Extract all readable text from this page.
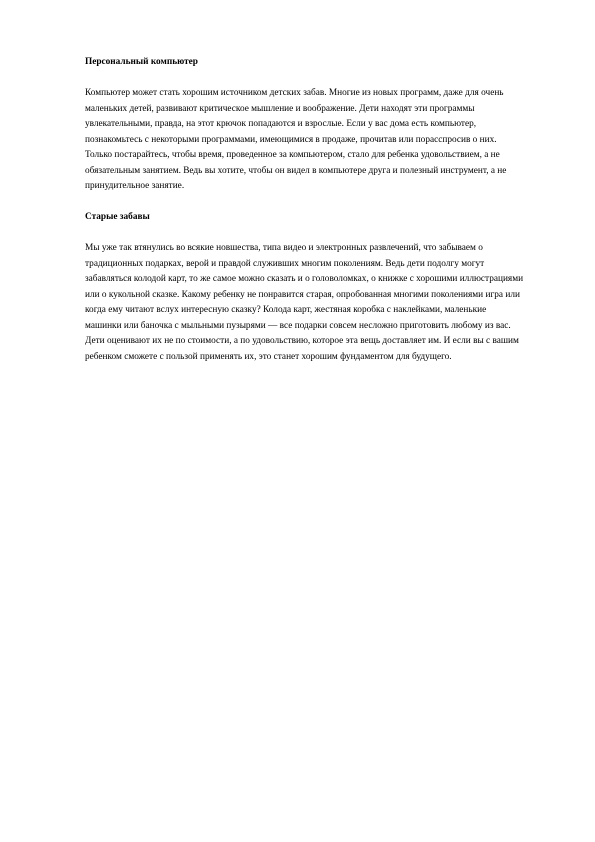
Персональный компьютер

Компьютер может стать хорошим источником детских забав. Многие из новых программ, даже для очень маленьких детей, развивают критическое мышление и воображение. Дети находят эти программы увлекательными, правда, на этот крючок попадаются и взрослые. Если у вас дома есть компьютер, познакомьтесь с некоторыми программами, имеющимися в продаже, прочитав или порасспросив о них. Только постарайтесь, чтобы время, проведенное за компьютером, стало для ребенка удовольствием, а не обязательным занятием. Ведь вы хотите, чтобы он видел в компьютере друга и полезный инструмент, а не принудительное занятие.

Старые забавы

Мы уже так втянулись во всякие новшества, типа видео и электронных развлечений, что забываем о традиционных подарках, верой и правдой служивших многим поколениям. Ведь дети подолгу могут забавляться колодой карт, то же самое можно сказать и о головоломках, о книжке с хорошими иллюстрациями или о кукольной сказке. Какому ребенку не понравится старая, опробованная многими поколениями игра или когда ему читают вслух интересную сказку? Колода карт, жестяная коробка с наклейками, маленькие машинки или баночка с мыльными пузырями — все подарки совсем несложно приготовить любому из вас. Дети оценивают их не по стоимости, а по удовольствию, которое эта вещь доставляет им. И если вы с вашим ребенком сможете с пользой применять их, это станет хорошим фундаментом для будущего.
